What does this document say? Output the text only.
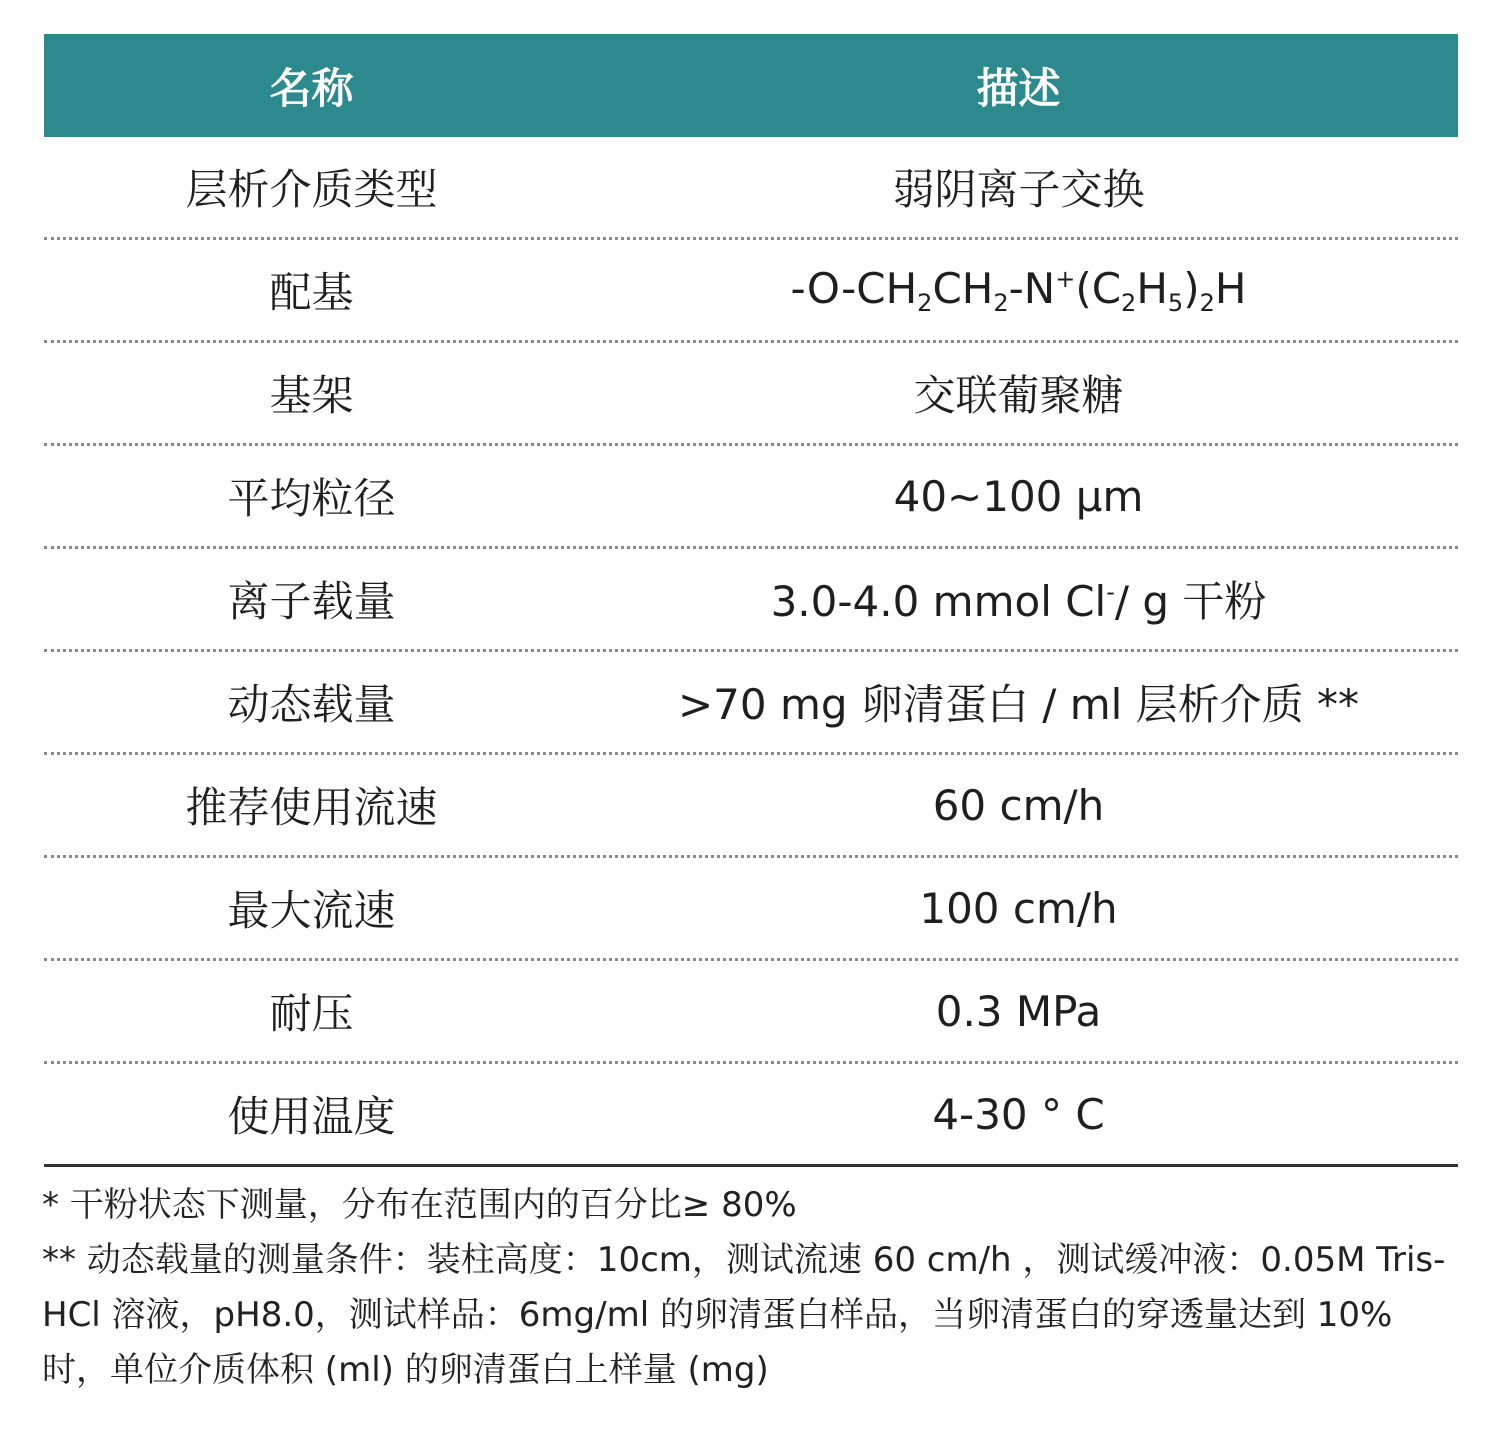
名称	描述
层析介质类型	弱阴离子交换
配基	$-O-CH_2CH_2-N^+(C_2H_5)_2H$
基架	交联葡聚糖
平均粒径	40~100 μm
离子载量	3.0-4.0 mmol Cl-/ g 干粉
动态载量	>70 mg 卵清蛋白 / ml 层析介质 **
推荐使用流速	60 cm/h
最大流速	100 cm/h
耐压	0.3 MPa
使用温度	4-30 ° C

* 干粉状态下测量，分布在范围内的百分比≥ 80%

** 动态载量的测量条件：装柱高度：10cm，测试流速 60 cm/h ，测试缓冲液：0.05M Tris-HCl 溶液，pH8.0，测试样品：6mg/ml 的卵清蛋白样品，当卵清蛋白的穿透量达到 10% 时，单位介质体积 (ml) 的卵清蛋白上样量 (mg)
